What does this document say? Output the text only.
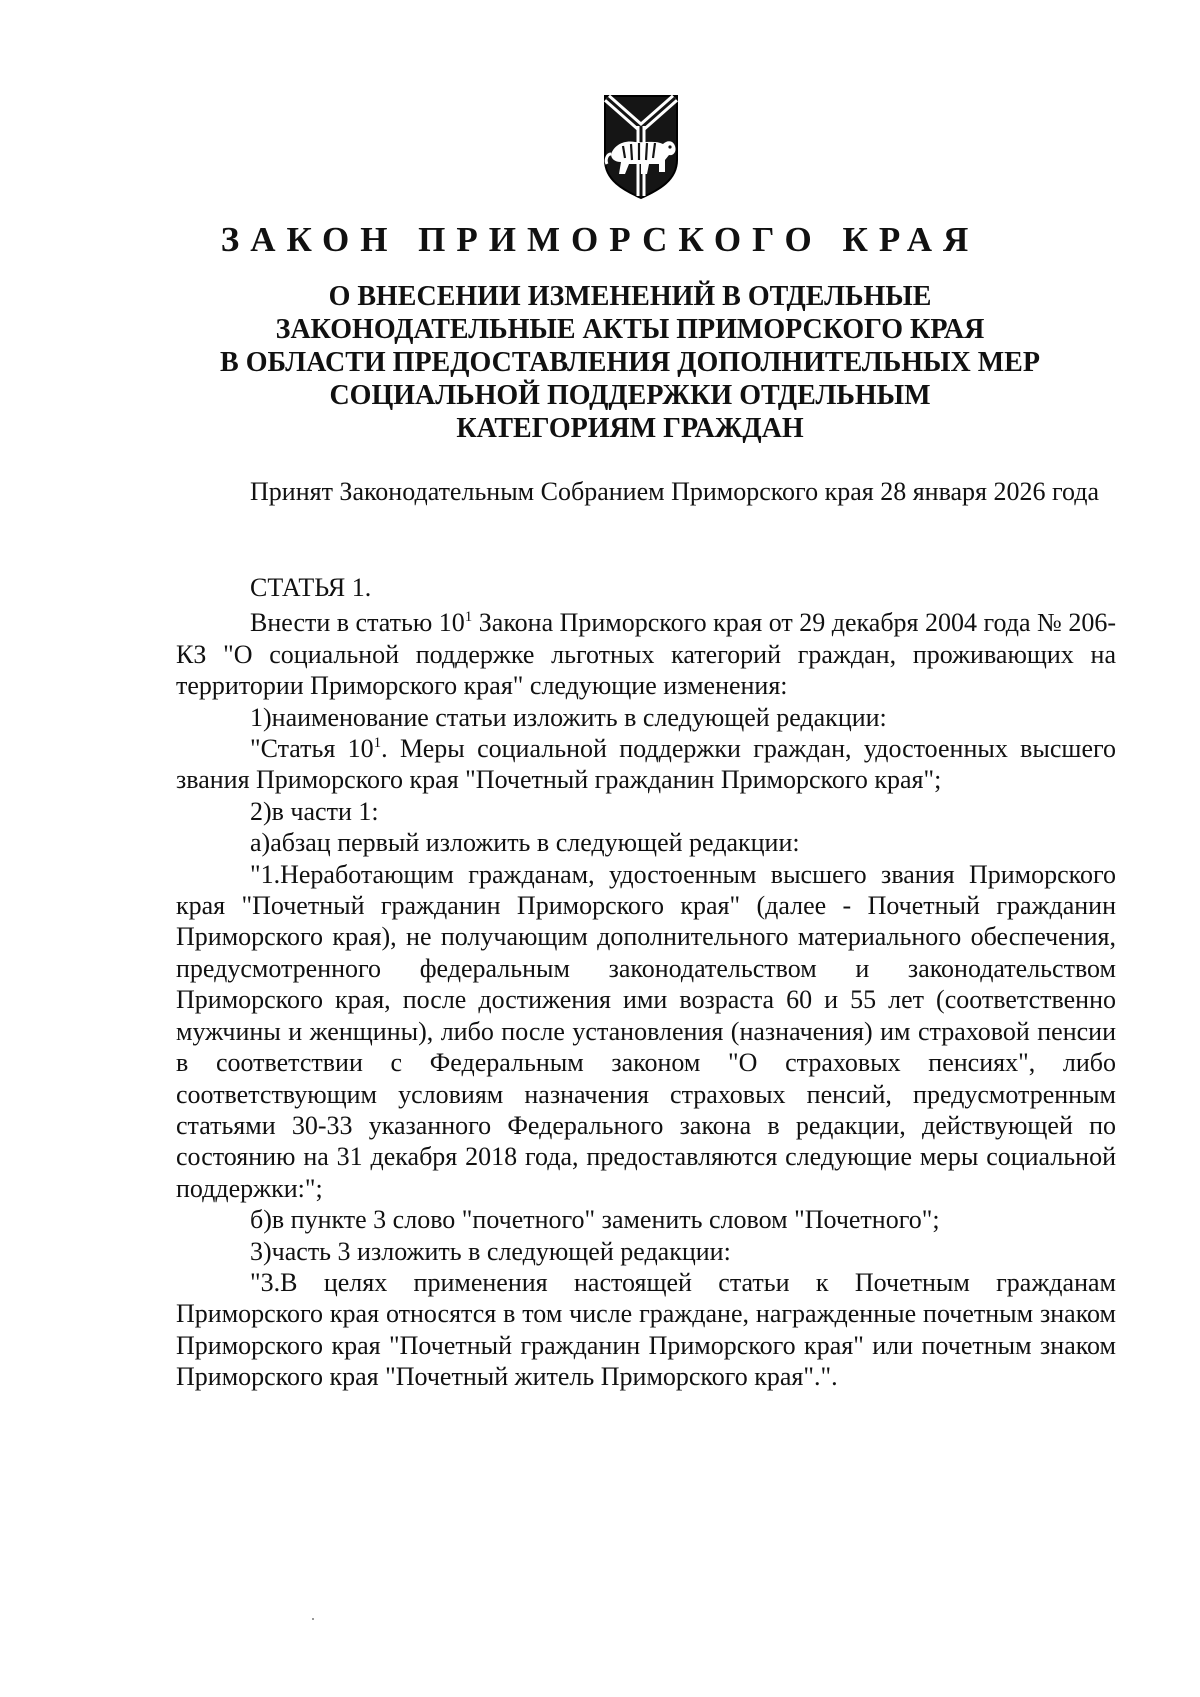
ЗАКОН ПРИМОРСКОГО КРАЯ
О ВНЕСЕНИИ ИЗМЕНЕНИЙ В ОТДЕЛЬНЫЕ
ЗАКОНОДАТЕЛЬНЫЕ АКТЫ ПРИМОРСКОГО КРАЯ
В ОБЛАСТИ ПРЕДОСТАВЛЕНИЯ ДОПОЛНИТЕЛЬНЫХ МЕР
СОЦИАЛЬНОЙ ПОДДЕРЖКИ ОТДЕЛЬНЫМ
КАТЕГОРИЯМ ГРАЖДАН

Принят Законодательным Собранием Приморского края 28 января 2026 года

СТАТЬЯ 1.

Внести в статью $10^1$ Закона Приморского края от 29 декабря 2004 года № 206-КЗ "О социальной поддержке льготных категорий граждан, проживающих на территории Приморского края" следующие изменения:

1)наименование статьи изложить в следующей редакции:

"Статья $10^1$. Меры социальной поддержки граждан, удостоенных высшего звания Приморского края "Почетный гражданин Приморского края";

2)в части 1:

а)абзац первый изложить в следующей редакции:

"1.Неработающим гражданам, удостоенным высшего звания Приморского края "Почетный гражданин Приморского края" (далее - Почетный гражданин Приморского края), не получающим дополнительного материального обеспечения, предусмотренного федеральным законодательством и законодательством Приморского края, после достижения ими возраста 60 и 55 лет (соответственно мужчины и женщины), либо после установления (назначения) им страховой пенсии в соответствии с Федеральным законом "О страховых пенсиях", либо соответствующим условиям назначения страховых пенсий, предусмотренным статьями 30-33 указанного Федерального закона в редакции, действующей по состоянию на 31 декабря 2018 года, предоставляются следующие меры социальной поддержки:";

б)в пункте 3 слово "почетного" заменить словом "Почетного";

3)часть 3 изложить в следующей редакции:

"3.В целях применения настоящей статьи к Почетным гражданам Приморского края относятся в том числе граждане, награжденные почетным знаком Приморского края "Почетный гражданин Приморского края" или почетным знаком Приморского края "Почетный житель Приморского края".".
